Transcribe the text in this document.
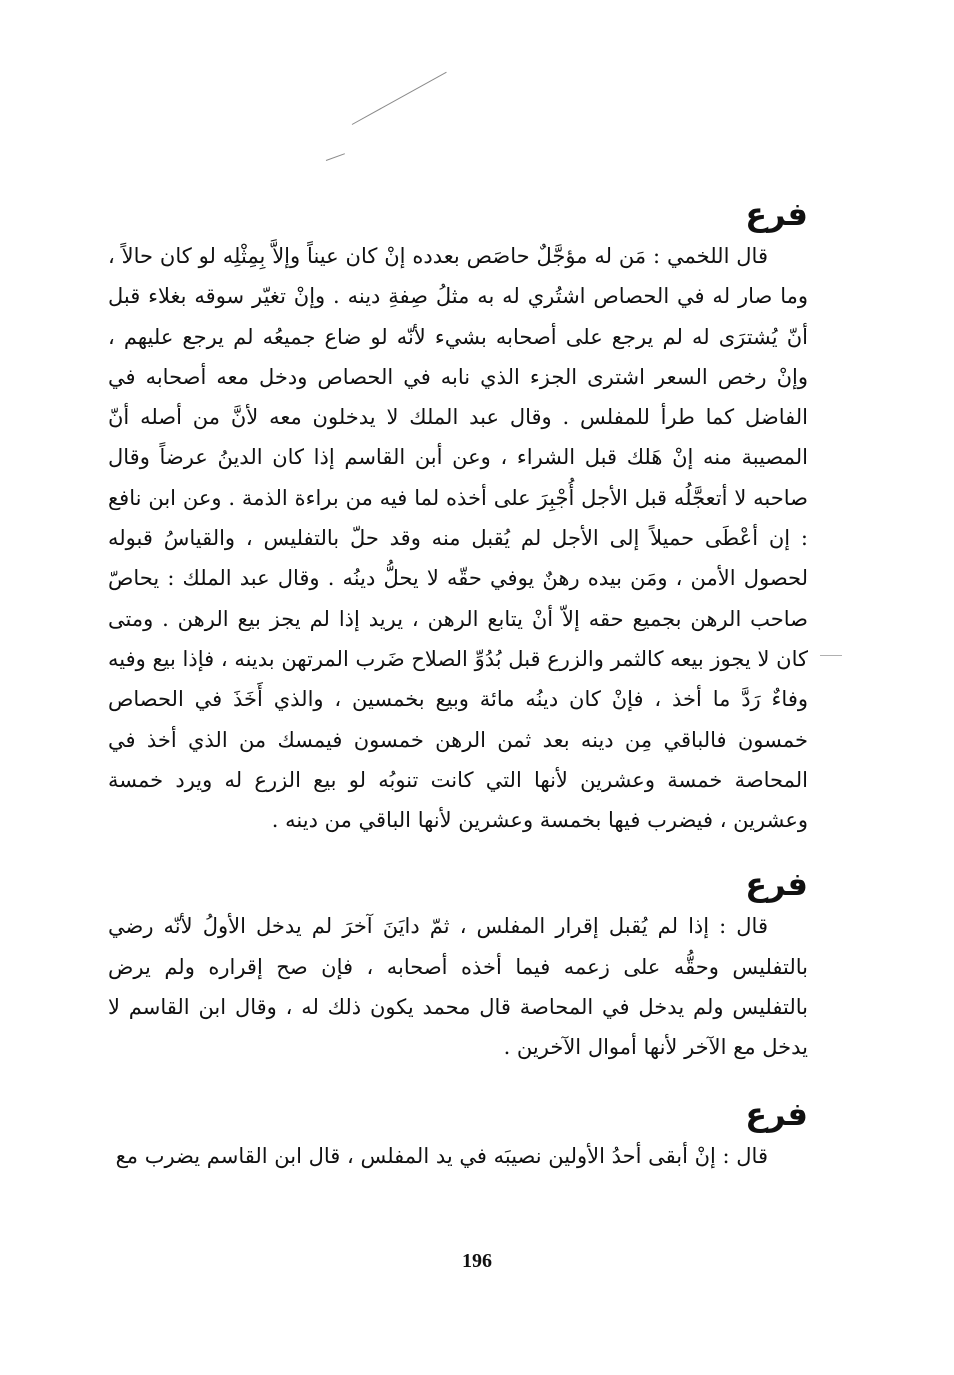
فرع

قال اللخمي : مَن له مؤجَّلٌ حاصَص بعدده إنْ كان عيناً وإلاَّ بِمِثْلِه لو كان حالاً ، وما صار له في الحصاص اشتُري له به مثلُ صِفةِ دينه . وإنْ تغيّر سوقه بغلاء قبل أنّ يُشترَى له لم يرجع على أصحابه بشيء لأنّه لو ضاع جميعُه لم يرجع عليهم ، وإنْ رخص السعر اشترى الجزء الذي نابه في الحصاص ودخل معه أصحابه في الفاضل كما طرأ للمفلس . وقال عبد الملك لا يدخلون معه لأنَّ من أصله أنّ المصيبة منه إنْ هَلك قبل الشراء ، وعن أبن القاسم إذا كان الدينُ عرضاً وقال صاحبه لا أتعجَّلُه قبل الأجل أُجْبِرَ على أخذه لما فيه من براءة الذمة . وعن ابن نافع : إن أعْطَى حميلاً إلى الأجل لم يُقبل منه وقد حلّ بالتفليس ، والقياسُ قبوله لحصول الأمن ، ومَن بيده رهنٌ يوفي حقّه لا يحلُّ دينُه . وقال عبد الملك : يحاصّ صاحب الرهن بجميع حقه إلاّ أنْ يتابع الرهن ، يريد إذا لم يجز بيع الرهن . ومتى كان لا يجوز بيعه كالثمر والزرع قبل بُدُوِّ الصلاح ضَرب المرتهن بدينه ، فإذا بيع وفيه وفاءٌ رَدَّ ما أخذ ، فإنْ كان دينُه مائة وبيع بخمسين ، والذي أَخَذَ في الحصاص خمسون فالباقي مِن دينه بعد ثمن الرهن خمسون فيمسك من الذي أخذ في المحاصة خمسة وعشرين لأنها التي كانت تنوبُه لو بيع الزرع له ويرد خمسة وعشرين ، فيضرب فيها بخمسة وعشرين لأنها الباقي من دينه .

فرع

قال : إذا لم يُقبل إقرار المفلس ، ثمّ دايَنَ آخرَ لم يدخل الأولُ لأنّه رضي بالتفليس وحقُّه على زعمه فيما أخذه أصحابه ، فإن صح إقراره ولم يرض بالتفليس ولم يدخل في المحاصة قال محمد يكون ذلك له ، وقال ابن القاسم لا يدخل مع الآخر لأنها أموال الآخرين .

فرع

قال : إنْ أبقى أحدُ الأولين نصيبَه في يد المفلس ، قال ابن القاسم يضرب مع

196
